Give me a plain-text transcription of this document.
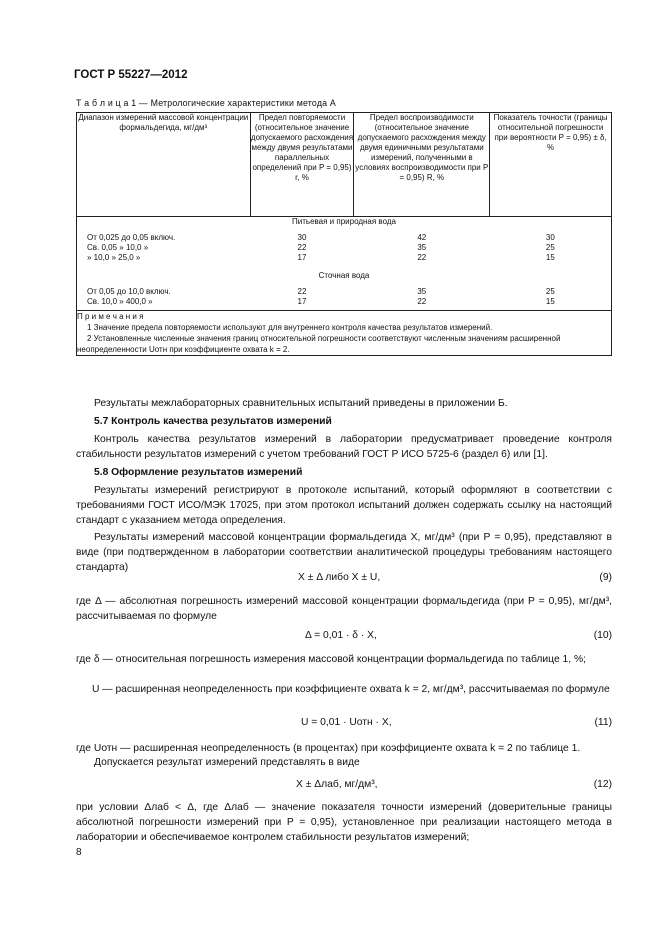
ГОСТ Р 55227—2012
Т а б л и ц а 1 — Метрологические характеристики метода А
Диапазон измерений массовой концентрации формальдегида, мг/дм³	Предел повторяемости (относительное значение допускаемого расхождения между двумя результатами параллельных определений при P = 0,95) r, %	Предел воспроизводимости (относительное значение допускаемого расхождения между двумя единичными результатами измерений, полученными в условиях воспроизводимости при P = 0,95) R, %	Показатель точности (границы относительной погрешности при вероятности P = 0,95) ± δ, %
Питьевая и природная вода			
От 0,025 до 0,05 включ.	30	42	30
Св. 0,05 » 10,0 »	22	35	25
» 10,0 » 25,0 »	17	22	15
Сточная вода			
От 0,05 до 10,0 включ.	22	35	25
Св. 10,0 » 400,0 »	17	22	15

П р и м е ч а н и я
1 Значение предела повторяемости используют для внутреннего контроля качества результатов измерений.
2 Установленные численные значения границ относительной погрешности соответствуют численным значениям расширенной неопределенности Uотн при коэффициенте охвата k = 2.			

Результаты межлабораторных сравнительных испытаний приведены в приложении Б.

5.7 Контроль качества результатов измерений

Контроль качества результатов измерений в лаборатории предусматривает проведение контроля стабильности результатов измерений с учетом требований ГОСТ Р ИСО 5725-6 (раздел 6) или [1].

5.8 Оформление результатов измерений

Результаты измерений регистрируют в протоколе испытаний, который оформляют в соответствии с требованиями ГОСТ ИСО/МЭК 17025, при этом протокол испытаний должен содержать ссылку на настоящий стандарт с указанием метода определения.

Результаты измерений массовой концентрации формальдегида X, мг/дм³ (при P = 0,95), представляют в виде (при подтвержденном в лаборатории соответствии аналитической процедуры требованиям настоящего стандарта)

X ± Δ либо X ± U,	(9)
где Δ — абсолютная погрешность измерений массовой концентрации формальдегида (при P = 0,95), мг/дм³, рассчитываемая по формуле
Δ = 0,01 · δ · X,	(10)
где δ — относительная погрешность измерения массовой концентрации формальдегида по таблице 1, %;
U — расширенная неопределенность при коэффициенте охвата k = 2, мг/дм³, рассчитываемая по формуле
U = 0,01 · Uотн · X,	(11)
где Uотн — расширенная неопределенность (в процентах) при коэффициенте охвата k = 2 по таблице 1.
Допускается результат измерений представлять в виде
X ± Δлаб, мг/дм³,	(12)
при условии Δлаб < Δ, где Δлаб — значение показателя точности измерений (доверительные границы абсолютной погрешности измерений при P = 0,95), установленное при реализации настоящего метода в лаборатории и обеспечиваемое контролем стабильности результатов измерений;
8
